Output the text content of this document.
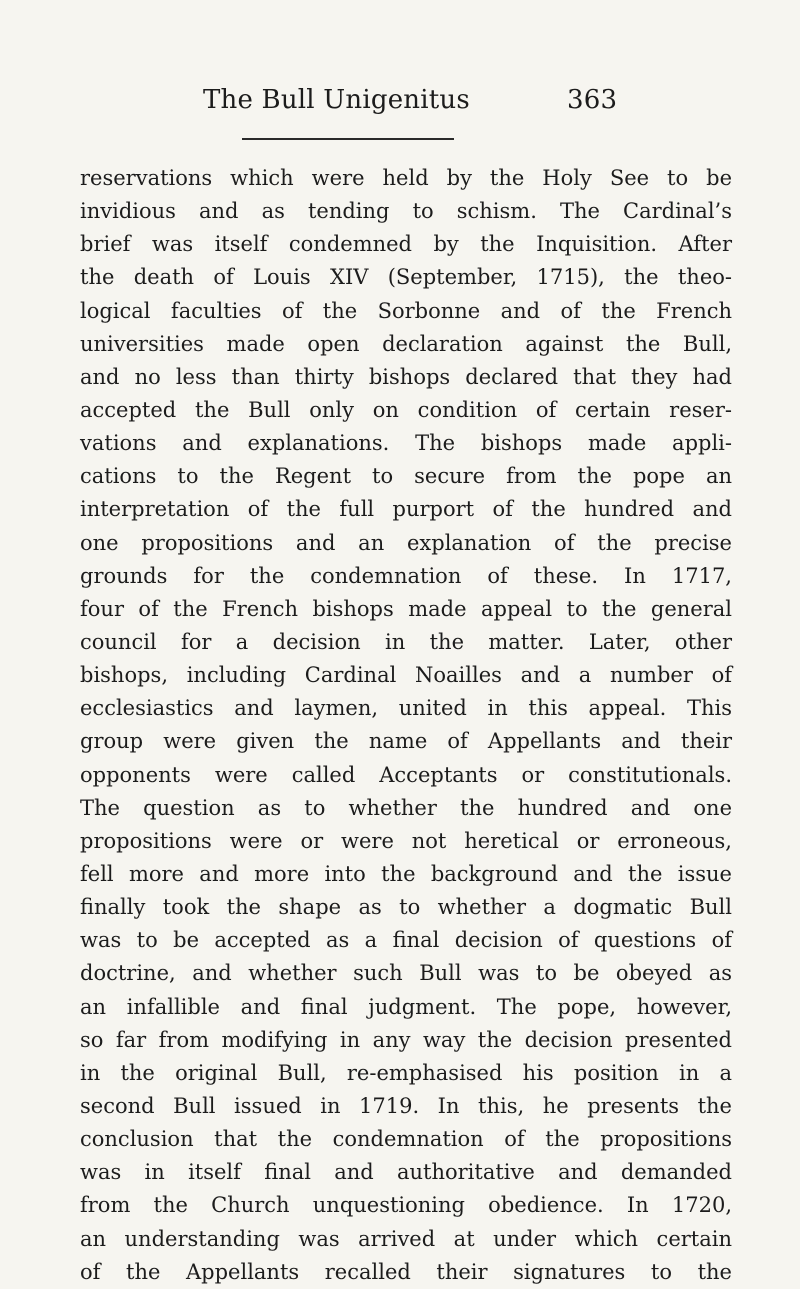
The Bull Unigenitus	363

reservations which were held by the Holy See to be
invidious and as tending to schism. The Cardinal’s
brief was itself condemned by the Inquisition. After
the death of Louis XIV (September, 1715), the theo-
logical faculties of the Sorbonne and of the French
universities made open declaration against the Bull,
and no less than thirty bishops declared that they had
accepted the Bull only on condition of certain reser-
vations and explanations. The bishops made appli-
cations to the Regent to secure from the pope an
interpretation of the full purport of the hundred and
one propositions and an explanation of the precise
grounds for the condemnation of these. In 1717,
four of the French bishops made appeal to the general
council for a decision in the matter. Later, other
bishops, including Cardinal Noailles and a number of
ecclesiastics and laymen, united in this appeal. This
group were given the name of Appellants and their
opponents were called Acceptants or constitutionals.
The question as to whether the hundred and one
propositions were or were not heretical or erroneous,
fell more and more into the background and the issue
finally took the shape as to whether a dogmatic Bull
was to be accepted as a final decision of questions of
doctrine, and whether such Bull was to be obeyed as
an infallible and final judgment. The pope, however,
so far from modifying in any way the decision presented
in the original Bull, re-emphasised his position in a
second Bull issued in 1719. In this, he presents the
conclusion that the condemnation of the propositions
was in itself final and authoritative and demanded
from the Church unquestioning obedience. In 1720,
an understanding was arrived at under which certain
of the Appellants recalled their signatures to the
